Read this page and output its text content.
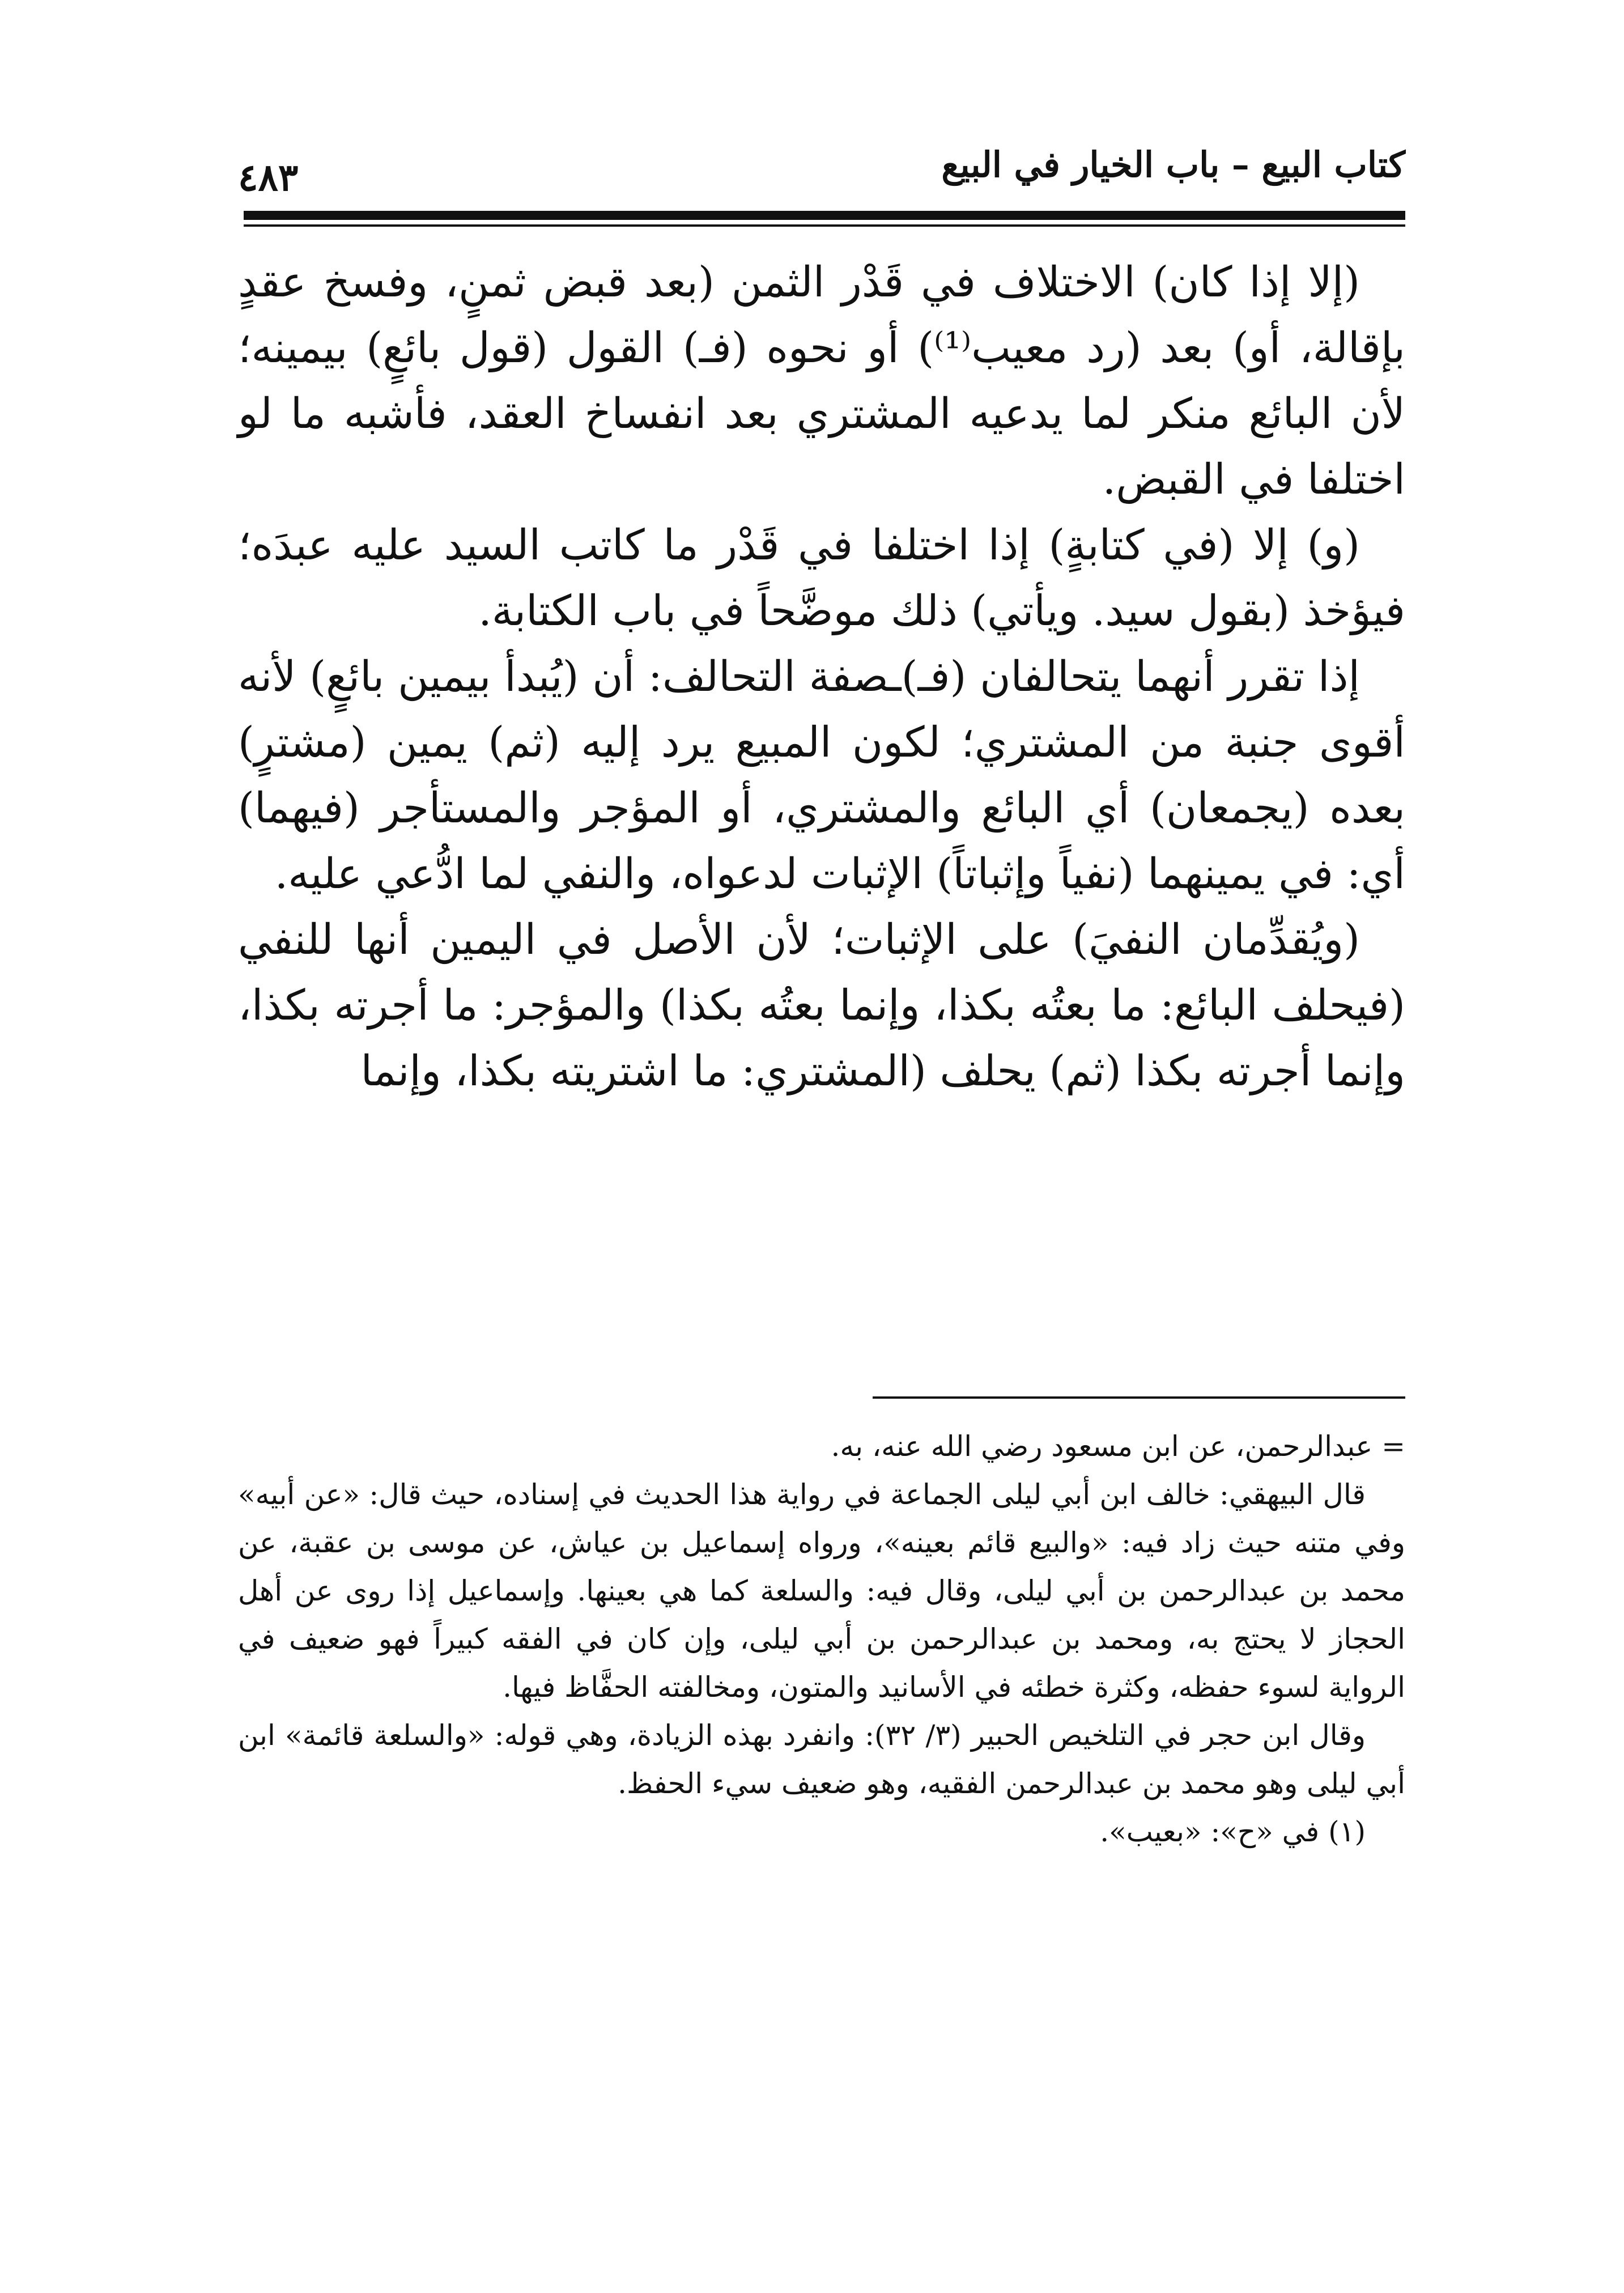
كتاب البيع – باب الخيار في البيع
٤٨٣

(إلا إذا كان) الاختلاف في قَدْر الثمن (بعد قبض ثمنٍ، وفسخ عقدٍ بإقالة، أو) بعد (رد معيب⁽¹⁾) أو نحوه (فـ) القول (قول بائعٍ) بيمينه؛ لأن البائع منكر لما يدعيه المشتري بعد انفساخ العقد، فأشبه ما لو اختلفا في القبض.

(و) إلا (في كتابةٍ) إذا اختلفا في قَدْر ما كاتب السيد عليه عبدَه؛ فيؤخذ (بقول سيد. ويأتي) ذلك موضَّحاً في باب الكتابة.

إذا تقرر أنهما يتحالفان (فـ)ـصفة التحالف: أن (يُبدأ بيمين بائعٍ) لأنه أقوى جنبة من المشتري؛ لكون المبيع يرد إليه (ثم) يمين (مشترٍ) بعده (يجمعان) أي البائع والمشتري، أو المؤجر والمستأجر (فيهما) أي: في يمينهما (نفياً وإثباتاً) الإثبات لدعواه، والنفي لما ادُّعي عليه.

(ويُقدِّمان النفيَ) على الإثبات؛ لأن الأصل في اليمين أنها للنفي (فيحلف البائع: ما بعتُه بكذا، وإنما بعتُه بكذا) والمؤجر: ما أجرته بكذا، وإنما أجرته بكذا (ثم) يحلف (المشتري: ما اشتريته بكذا، وإنما

= عبدالرحمن، عن ابن مسعود رضي الله عنه، به.

قال البيهقي: خالف ابن أبي ليلى الجماعة في رواية هذا الحديث في إسناده، حيث قال: «عن أبيه» وفي متنه حيث زاد فيه: «والبيع قائم بعينه»، ورواه إسماعيل بن عياش، عن موسى بن عقبة، عن محمد بن عبدالرحمن بن أبي ليلى، وقال فيه: والسلعة كما هي بعينها. وإسماعيل إذا روى عن أهل الحجاز لا يحتج به، ومحمد بن عبدالرحمن بن أبي ليلى، وإن كان في الفقه كبيراً فهو ضعيف في الرواية لسوء حفظه، وكثرة خطئه في الأسانيد والمتون، ومخالفته الحفَّاظ فيها.

وقال ابن حجر في التلخيص الحبير (٣/ ٣٢): وانفرد بهذه الزيادة، وهي قوله: «والسلعة قائمة» ابن أبي ليلى وهو محمد بن عبدالرحمن الفقيه، وهو ضعيف سيء الحفظ.

(١) في «ح»: «بعيب».
